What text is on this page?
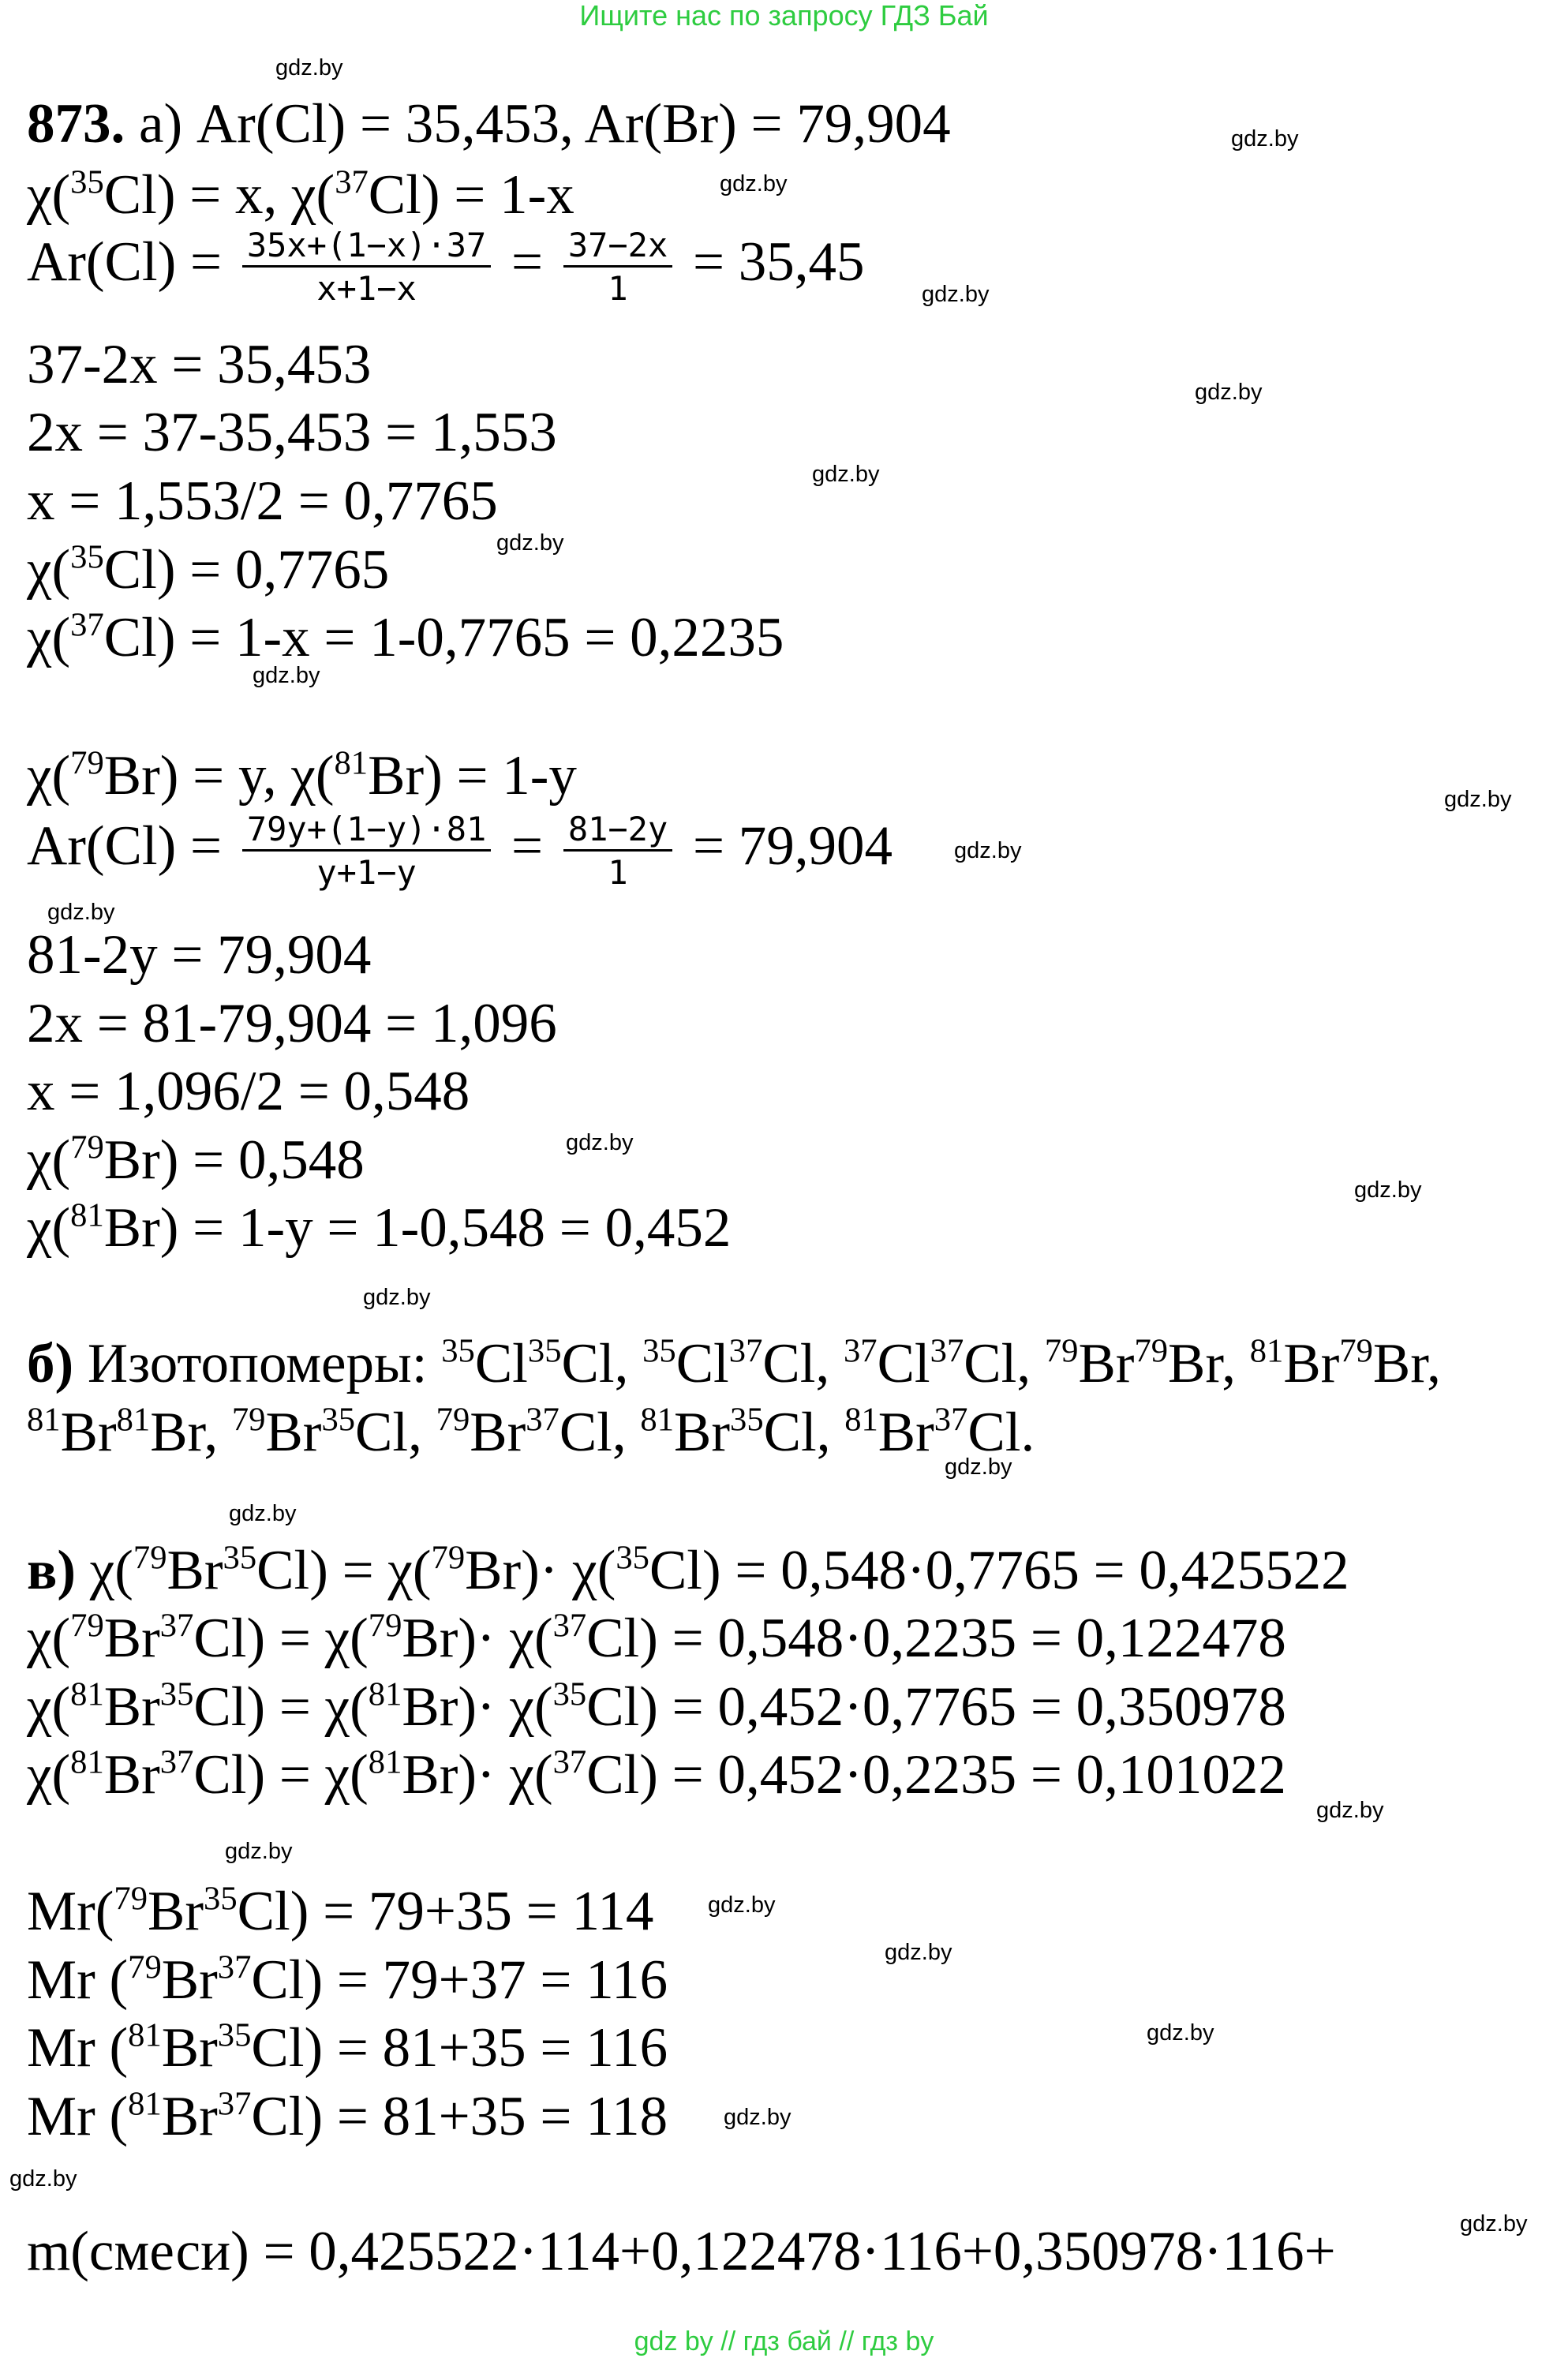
Ищите нас по запросу ГДЗ Бай
gdz.by
gdz.by
gdz.by
gdz.by
gdz.by
gdz.by
gdz.by
gdz.by
gdz.by
gdz.by
gdz.by
gdz.by
gdz.by
gdz.by
gdz.by
gdz.by
gdz.by
gdz.by
gdz.by
gdz.by
gdz.by
gdz.by
gdz.by
gdz.by
873. а) Ar(Cl) = 35,453, Ar(Br) = 79,904
χ($^{35}$Cl) = x, χ($^{37}$Cl) = 1-x
$Ar(Cl) = \frac{35x+(1-x)\cdot 37}{x+1-x} = \frac{37-2x}{1} = 35,45$
37-2x = 35,453
2x = 37-35,453 = 1,553
x = 1,553/2 = 0,7765
χ($^{35}$Cl) = 0,7765
χ($^{37}$Cl) = 1-x = 1-0,7765 = 0,2235
χ($^{79}$Br) = y, χ($^{81}$Br) = 1-y
$Ar(Cl) = \frac{79y+(1-y)\cdot 81}{y+1-y} = \frac{81-2y}{1} = 79,904$
81-2y = 79,904
2x = 81-79,904 = 1,096
x = 1,096/2 = 0,548
χ($^{79}$Br) = 0,548
χ($^{81}$Br) = 1-y = 1-0,548 = 0,452
б) Изотопомеры: $^{35}$Cl$^{35}$Cl, $^{35}$Cl$^{37}$Cl, $^{37}$Cl$^{37}$Cl, $^{79}$Br$^{79}$Br, $^{81}$Br$^{79}$Br,
$^{81}$Br$^{81}$Br, $^{79}$Br$^{35}$Cl, $^{79}$Br$^{37}$Cl, $^{81}$Br$^{35}$Cl, $^{81}$Br$^{37}$Cl.
в) $\chi(^{79}Br^{35}Cl) = \chi(^{79}Br)\cdot \chi(^{35}Cl) = 0,548\cdot 0,7765 = 0,425522$
$\chi(^{79}Br^{37}Cl) = \chi(^{79}Br)\cdot \chi(^{37}Cl) = 0,548\cdot 0,2235 = 0,122478$
$\chi(^{81}Br^{35}Cl) = \chi(^{81}Br)\cdot \chi(^{35}Cl) = 0,452\cdot 0,7765 = 0,350978$
$\chi(^{81}Br^{37}Cl) = \chi(^{81}Br)\cdot \chi(^{37}Cl) = 0,452\cdot 0,2235 = 0,101022$
$Mr(^{79}Br^{35}Cl) = 79+35 = 114$
Mr $(^{79}Br^{37}Cl) = 79+37 = 116$
Mr $(^{81}Br^{35}Cl) = 81+35 = 116$
Mr $(^{81}Br^{37}Cl) = 81+35 = 118$
m(смеси) = 0,425522·114+0,122478·116+0,350978·116+
gdz by // гдз бай // гдз by
